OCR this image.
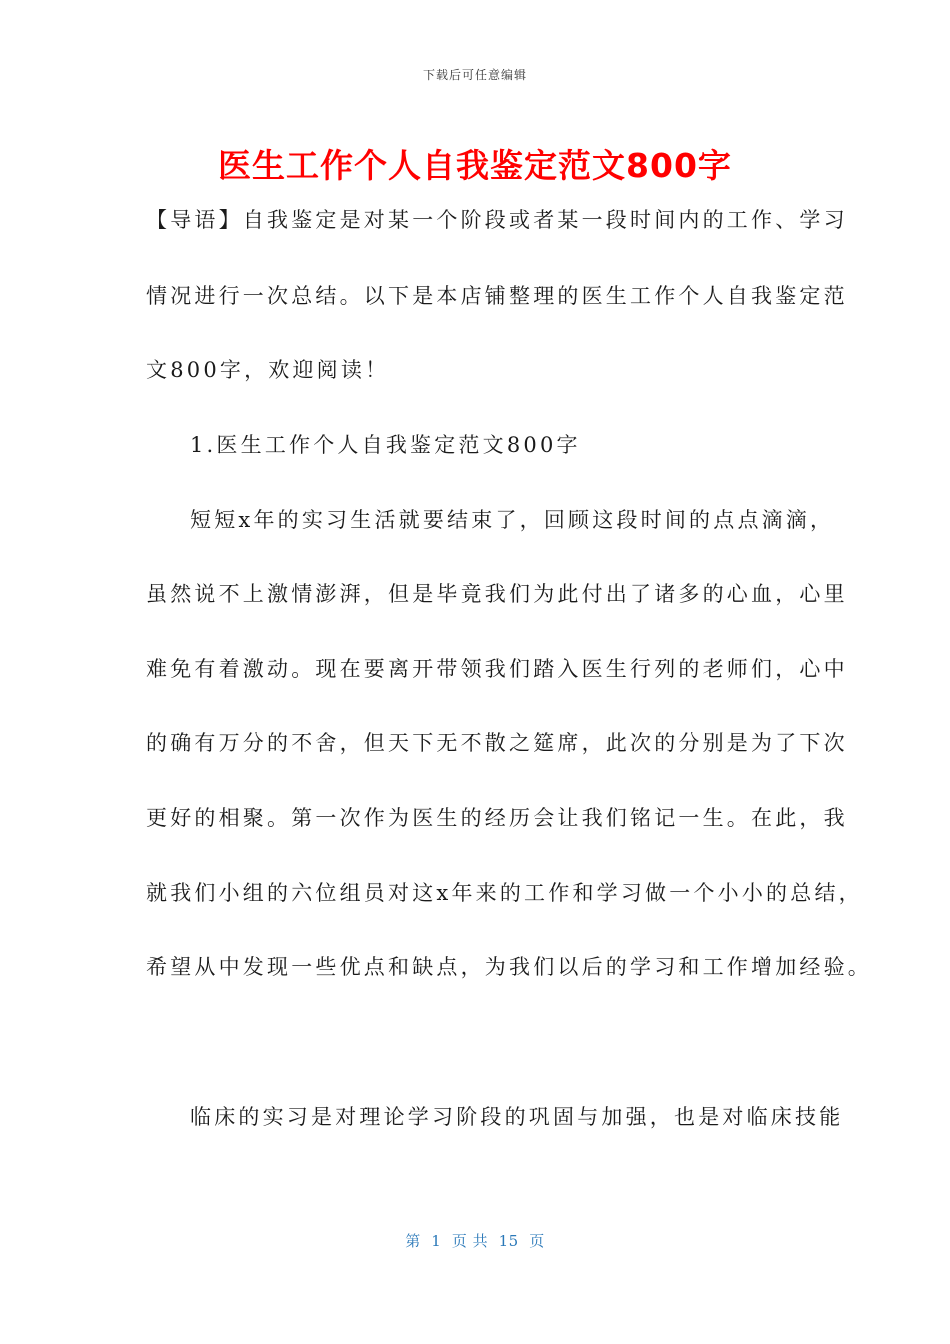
下载后可任意编辑
医生工作个人自我鉴定范文800字
【导语】自我鉴定是对某一个阶段或者某一段时间内的工作、学习
情况进行一次总结。以下是本店铺整理的医生工作个人自我鉴定范
文800字，欢迎阅读！
1.医生工作个人自我鉴定范文800字
短短x年的实习生活就要结束了，回顾这段时间的点点滴滴，
虽然说不上激情澎湃，但是毕竟我们为此付出了诸多的心血，心里
难免有着激动。现在要离开带领我们踏入医生行列的老师们，心中
的确有万分的不舍，但天下无不散之筵席，此次的分别是为了下次
更好的相聚。第一次作为医生的经历会让我们铭记一生。在此，我
就我们小组的六位组员对这x年来的工作和学习做一个小小的总结，
希望从中发现一些优点和缺点，为我们以后的学习和工作增加经验。
临床的实习是对理论学习阶段的巩固与加强，也是对临床技能
第  1  页 共  15  页
